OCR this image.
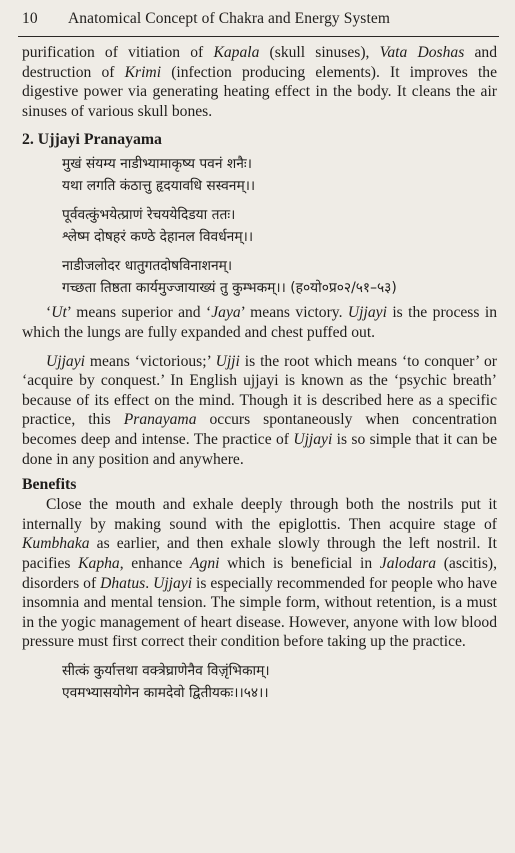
10 Anatomical Concept of Chakra and Energy System

purification of vitiation of Kapala (skull sinuses), Vata Doshas and destruction of Krimi (infection producing elements). It improves the digestive power via generating heating effect in the body. It cleans the air sinuses of various skull bones.

2. Ujjayi Pranayama
मुखं संयम्य नाडीभ्यामाकृष्य पवनं शनैः।
यथा लगति कंठात्तु हृदयावधि सस्वनम्।।
पूर्ववत्कुंभयेत्प्राणं रेचययेदिडया ततः।
श्लेष्म दोषहरं कण्ठे देहानल विवर्धनम्।।
नाडीजलोदर धातुगतदोषविनाशनम्।
गच्छता तिष्ठता कार्यमुज्जायाख्यं तु कुम्भकम्।। (ह०यो०प्र०२/५१–५३)

‘Ut’ means superior and ‘Jaya’ means victory. Ujjayi is the process in which the lungs are fully expanded and chest puffed out.

Ujjayi means ‘victorious;’ Ujji is the root which means ‘to conquer’ or ‘acquire by conquest.’ In English ujjayi is known as the ‘psychic breath’ because of its effect on the mind. Though it is described here as a specific practice, this Pranayama occurs spontaneously when concentration becomes deep and intense. The practice of Ujjayi is so simple that it can be done in any position and anywhere.

Benefits

Close the mouth and exhale deeply through both the nostrils put it internally by making sound with the epiglottis. Then acquire stage of Kumbhaka as earlier, and then exhale slowly through the left nostril. It pacifies Kapha, enhance Agni which is beneficial in Jalodara (ascitis), disorders of Dhatus. Ujjayi is especially recommended for people who have insomnia and mental tension. The simple form, without retention, is a must in the yogic management of heart disease. However, anyone with low blood pressure must first correct their condition before taking up the practice.

सीत्कं कुर्यात्तथा वक्त्रेघ्राणेनैव विज़ृंभिकाम्।
एवमभ्यासयोगेन कामदेवो द्वितीयकः।।५४।।
